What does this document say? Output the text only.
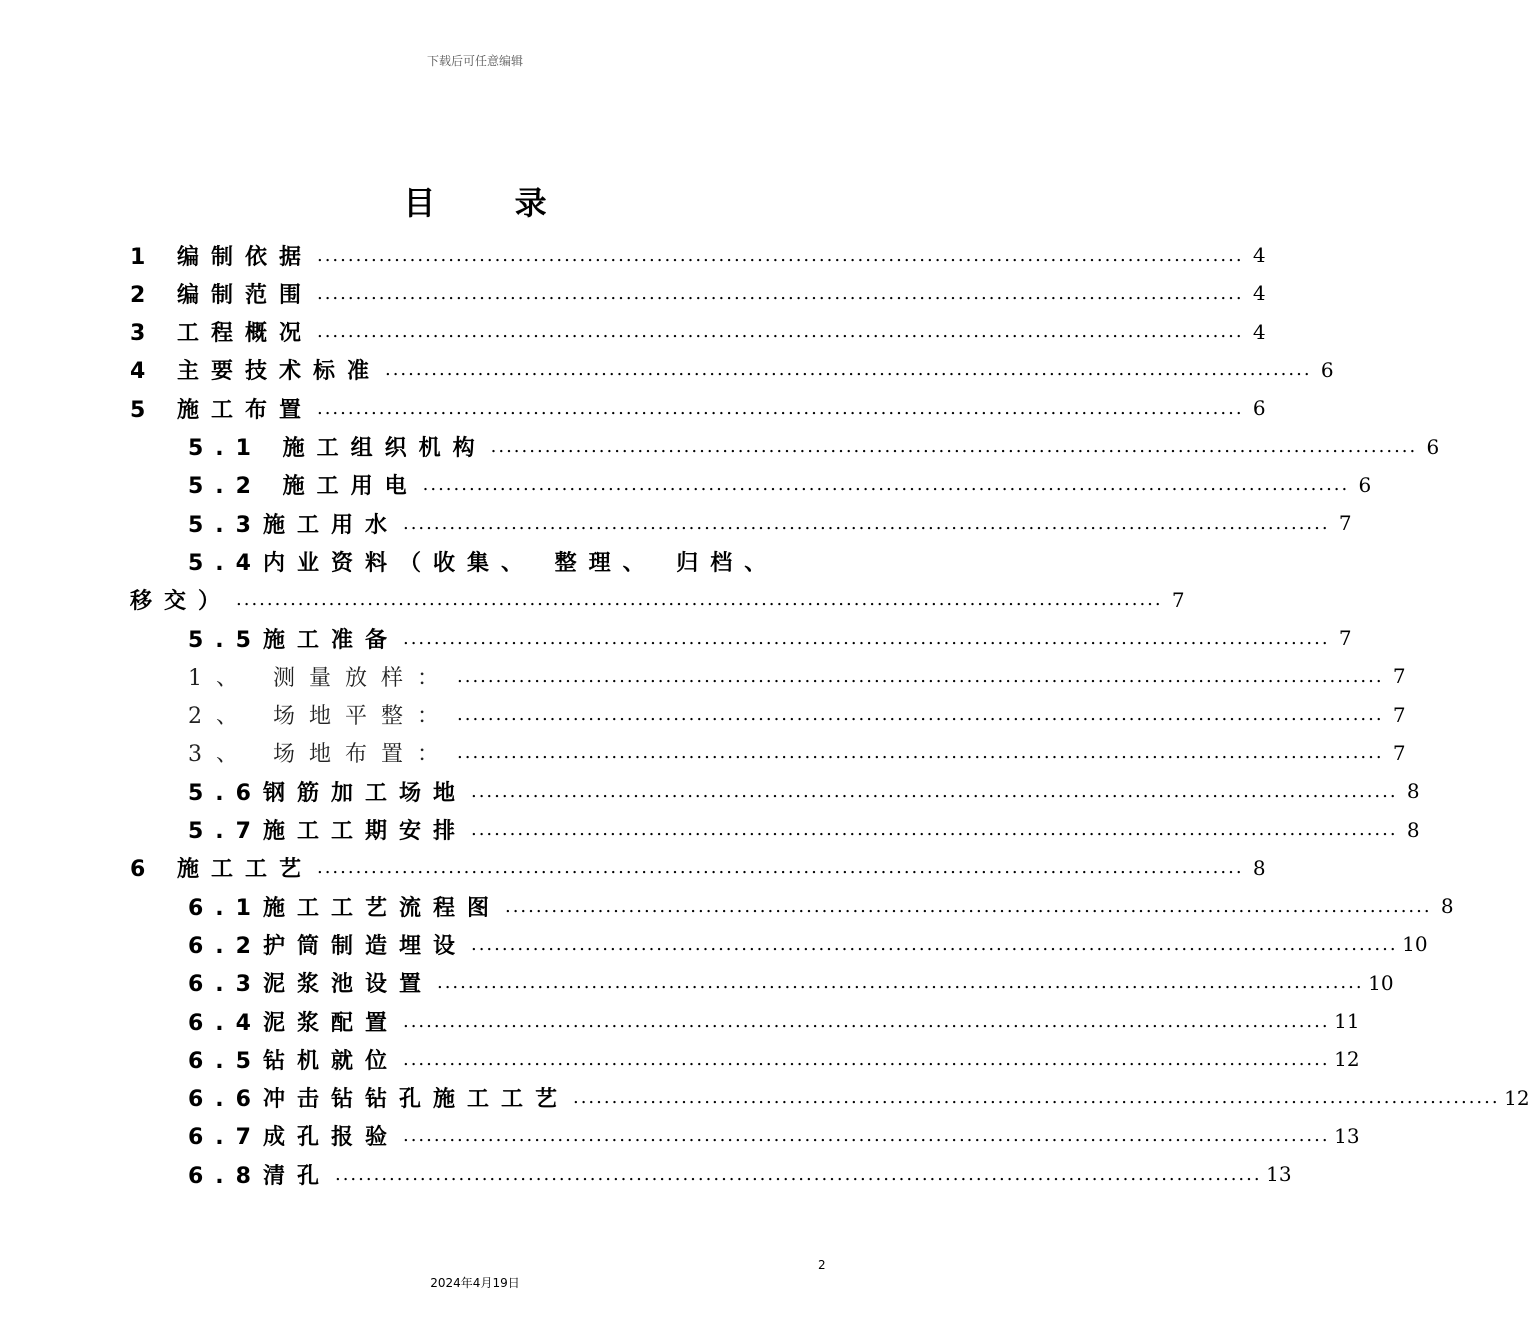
下载后可任意编辑
目 录
1 编制依据 ........................................................................................................................ 4
2 编制范围 ........................................................................................................................ 4
3 工程概况 ........................................................................................................................ 4
4 主要技术标准 ........................................................................................................................ 6
5 施工布置 ........................................................................................................................ 6
5.1 施工组织机构 ........................................................................................................................ 6
5.2 施工用电 ........................................................................................................................ 6
5.3施工用水 ........................................................................................................................ 7
5.4内业资料（收集、 整理、 归档、
移交） ........................................................................................................................ 7
5.5施工准备 ........................................................................................................................ 7
1、 测量放样： ........................................................................................................................ 7
2、 场地平整： ........................................................................................................................ 7
3、 场地布置： ........................................................................................................................ 7
5.6钢筋加工场地 ........................................................................................................................ 8
5.7施工工期安排 ........................................................................................................................ 8
6 施工工艺 ........................................................................................................................ 8
6.1施工工艺流程图 ........................................................................................................................ 8
6.2护筒制造埋设 ........................................................................................................................ 10
6.3泥浆池设置 ........................................................................................................................ 10
6.4泥浆配置 ........................................................................................................................ 11
6.5钻机就位 ........................................................................................................................ 12
6.6冲击钻钻孔施工工艺 ........................................................................................................................ 12
6.7成孔报验 ........................................................................................................................ 13
6.8清孔 ........................................................................................................................ 13
2
2024年4月19日
